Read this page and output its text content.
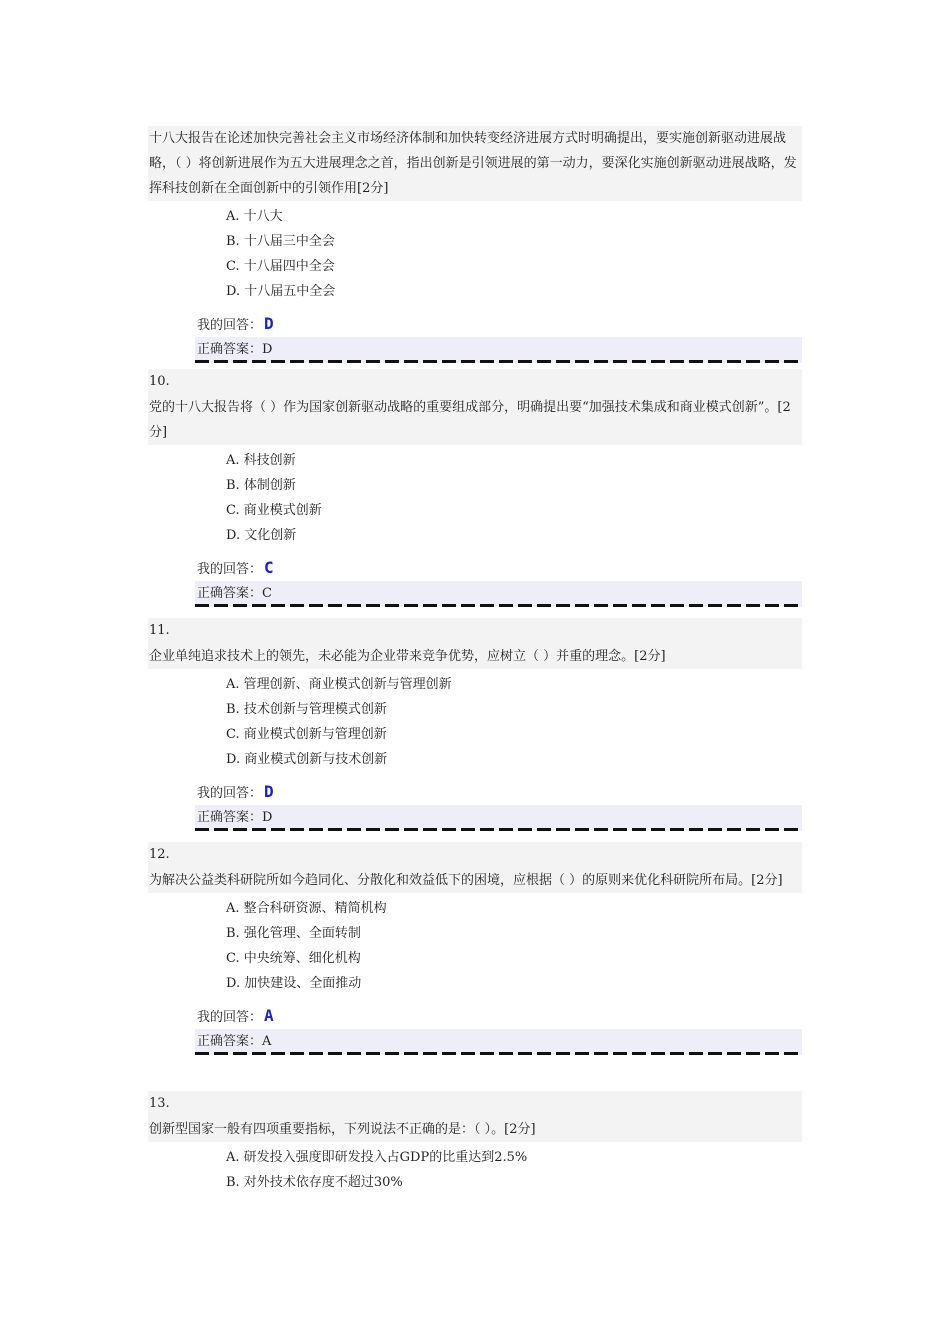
十八大报告在论述加快完善社会主义市场经济体制和加快转变经济进展方式时明确提出，要实施创新驱动进展战略，（ ）将创新进展作为五大进展理念之首，指出创新是引领进展的第一动力，要深化实施创新驱动进展战略，发挥科技创新在全面创新中的引领作用[2分]
A. 十八大
B. 十八届三中全会
C. 十八届四中全会
D. 十八届五中全会
我的回答： D
正确答案：D
10.
党的十八大报告将（ ）作为国家创新驱动战略的重要组成部分，明确提出要“加强技术集成和商业模式创新”。[2分]
A. 科技创新
B. 体制创新
C. 商业模式创新
D. 文化创新
我的回答： C
正确答案：C
11.
企业单纯追求技术上的领先，未必能为企业带来竞争优势，应树立（ ）并重的理念。[2分]
A. 管理创新、商业模式创新与管理创新
B. 技术创新与管理模式创新
C. 商业模式创新与管理创新
D. 商业模式创新与技术创新
我的回答： D
正确答案：D
12.
为解决公益类科研院所如今趋同化、分散化和效益低下的困境，应根据（ ）的原则来优化科研院所布局。[2分]
A. 整合科研资源、精简机构
B. 强化管理、全面转制
C. 中央统筹、细化机构
D. 加快建设、全面推动
我的回答： A
正确答案：A
13.
创新型国家一般有四项重要指标，下列说法不正确的是：（ ）。[2分]
A. 研发投入强度即研发投入占GDP的比重达到2.5%
B. 对外技术依存度不超过30%
